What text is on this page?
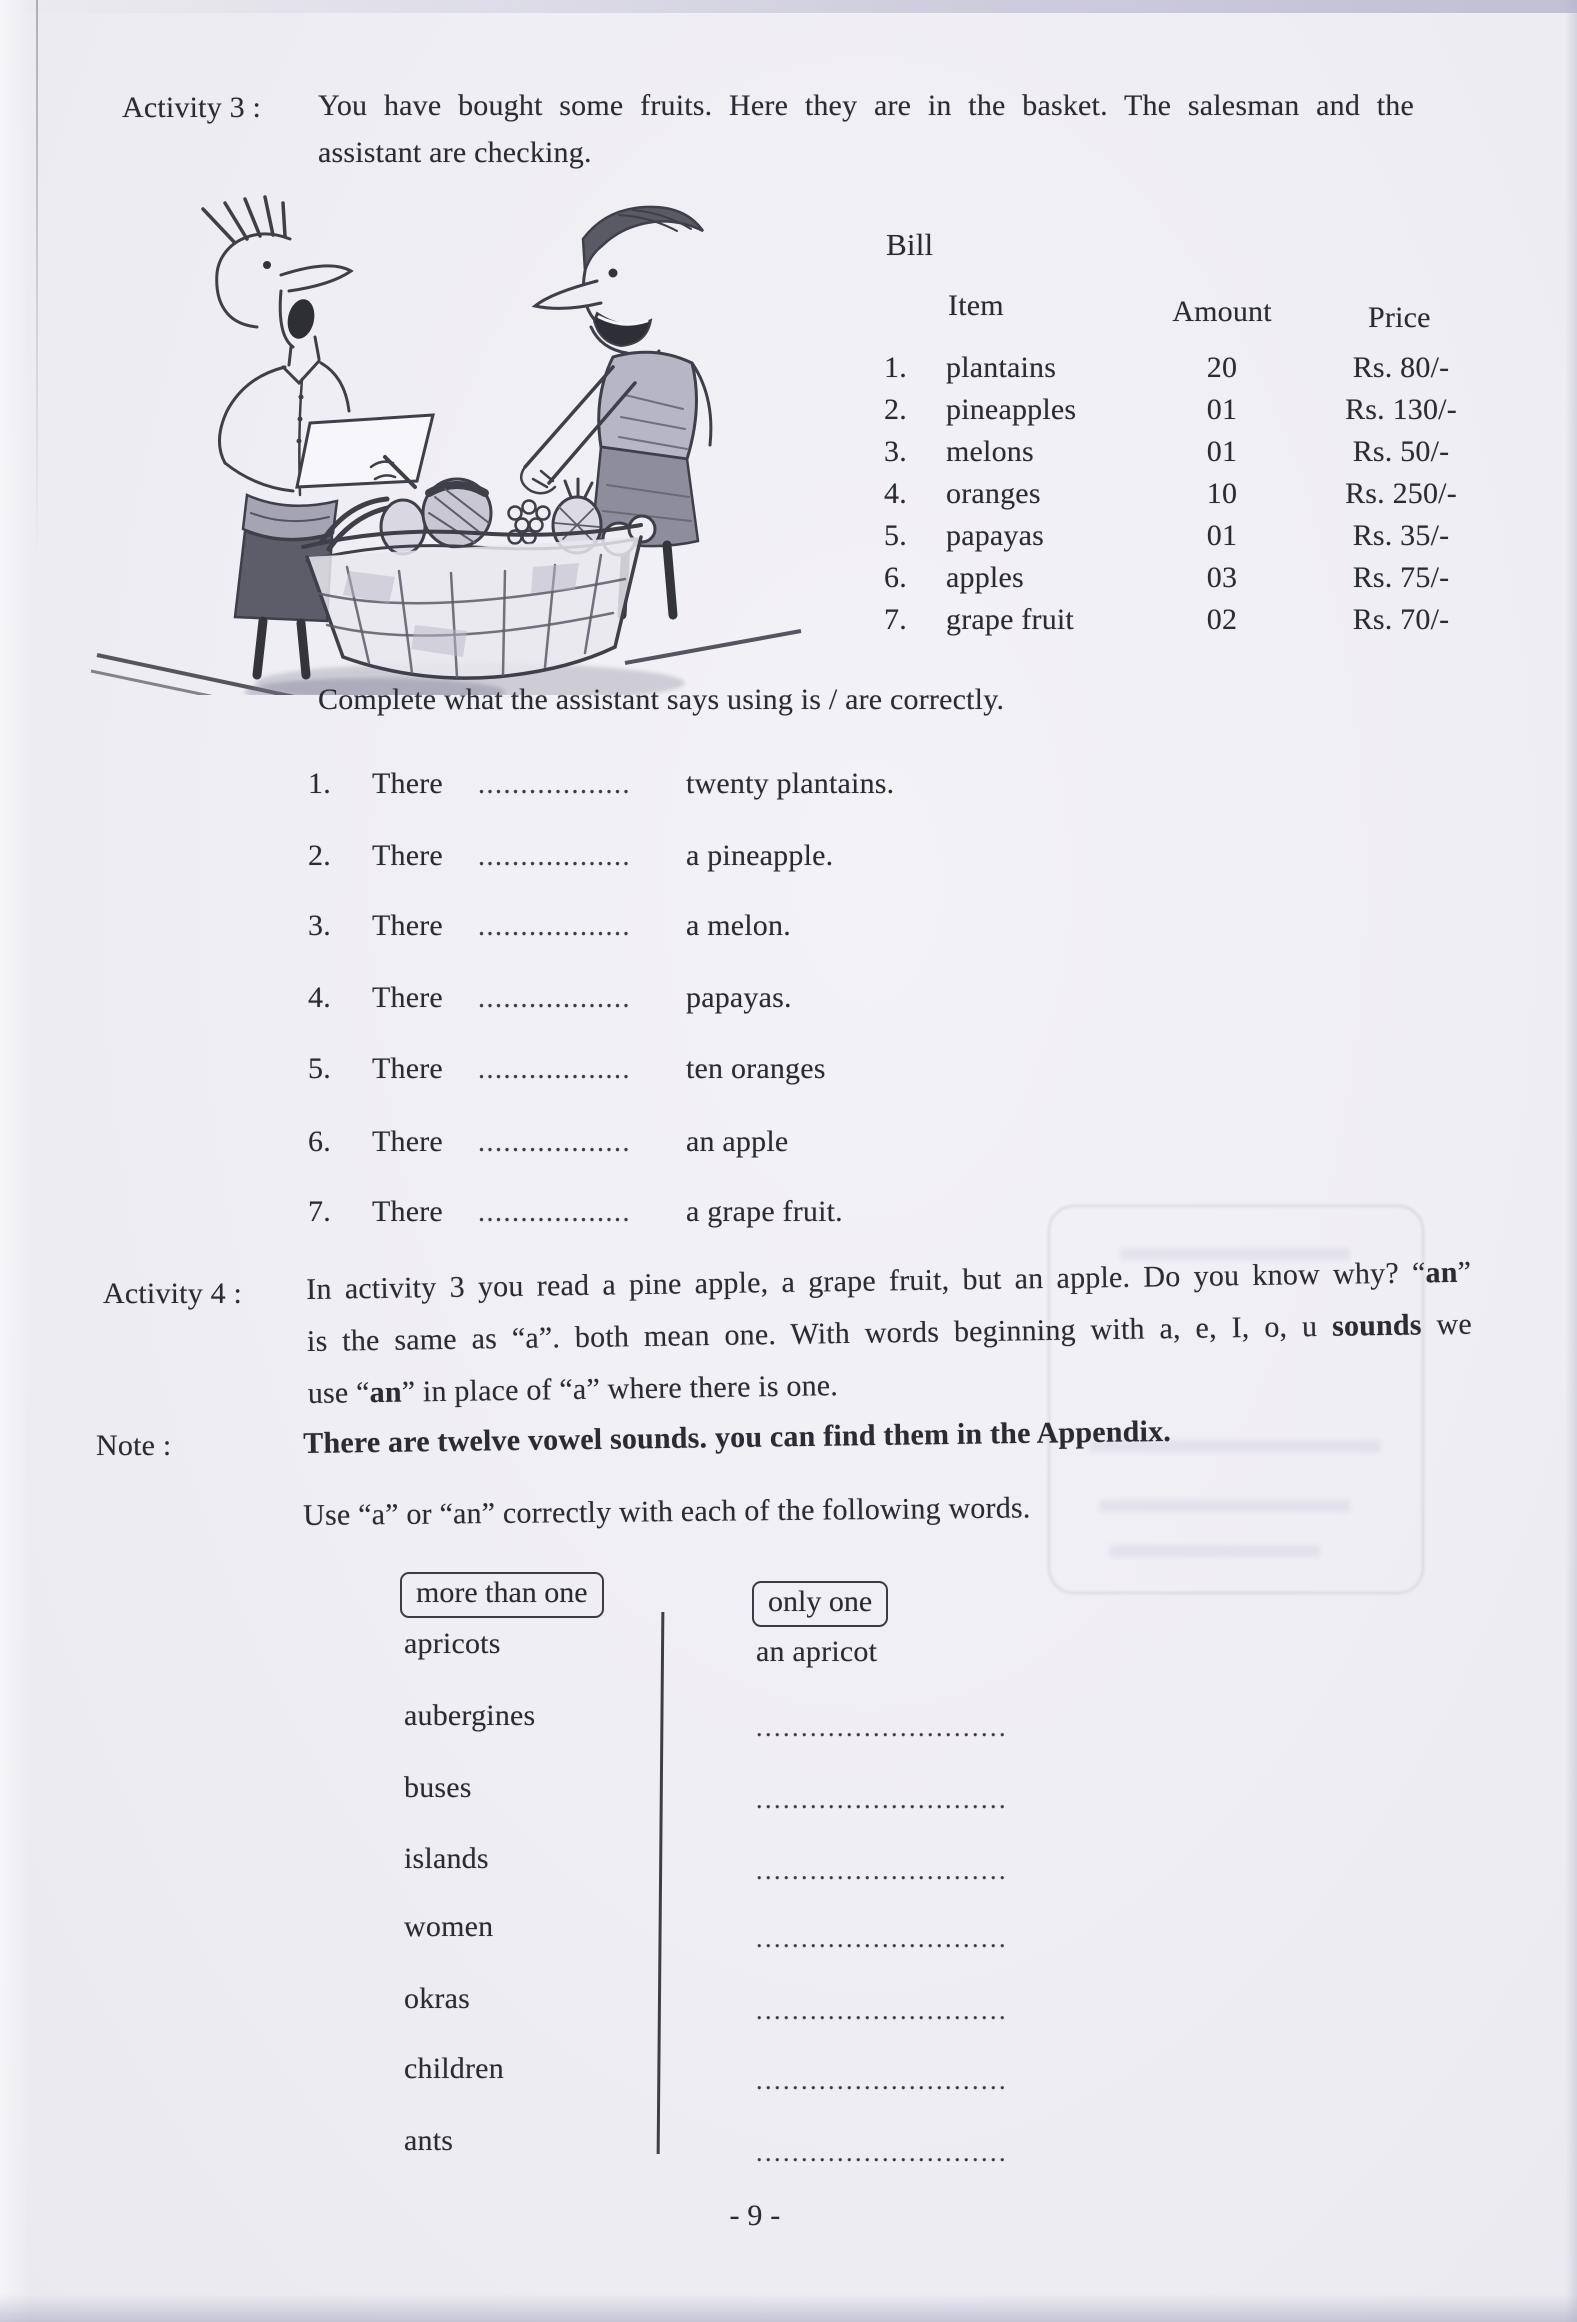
Activity 3 : You have bought some fruits. Here they are in the basket. The salesman and the
assistant are checking.
Bill
Item	Amount	Price
1.	plantains	20	Rs. 80/-
2.	pineapples	01	Rs. 130/-
3.	melons	01	Rs. 50/-
4.	oranges	10	Rs. 250/-
5.	papayas	01	Rs. 35/-
6.	apples	03	Rs. 75/-
7.	grape fruit	02	Rs. 70/-
Complete what the assistant says using is / are correctly.
1.	There ..................	twenty plantains.
2.	There ..................	a pineapple.
3.	There ..................	a melon.
4.	There ..................	papayas.
5.	There ..................	ten oranges
6.	There ..................	an apple
7.	There ..................	a grape fruit.
Activity 4 : In activity 3 you read a pine apple, a grape fruit, but an apple. Do you know why? “an”
is the same as “a”. both mean one. With words beginning with a, e, I, o, u sounds we
use “an” in place of “a” where there is one.
Note :	There are twelve vowel sounds. you can find them in the Appendix.
Use “a” or “an” correctly with each of the following words.
more than one	only one
apricots	an apricot
aubergines	............................
buses	............................
islands	............................
women	............................
okras	............................
children	............................
ants	............................
- 9 -
